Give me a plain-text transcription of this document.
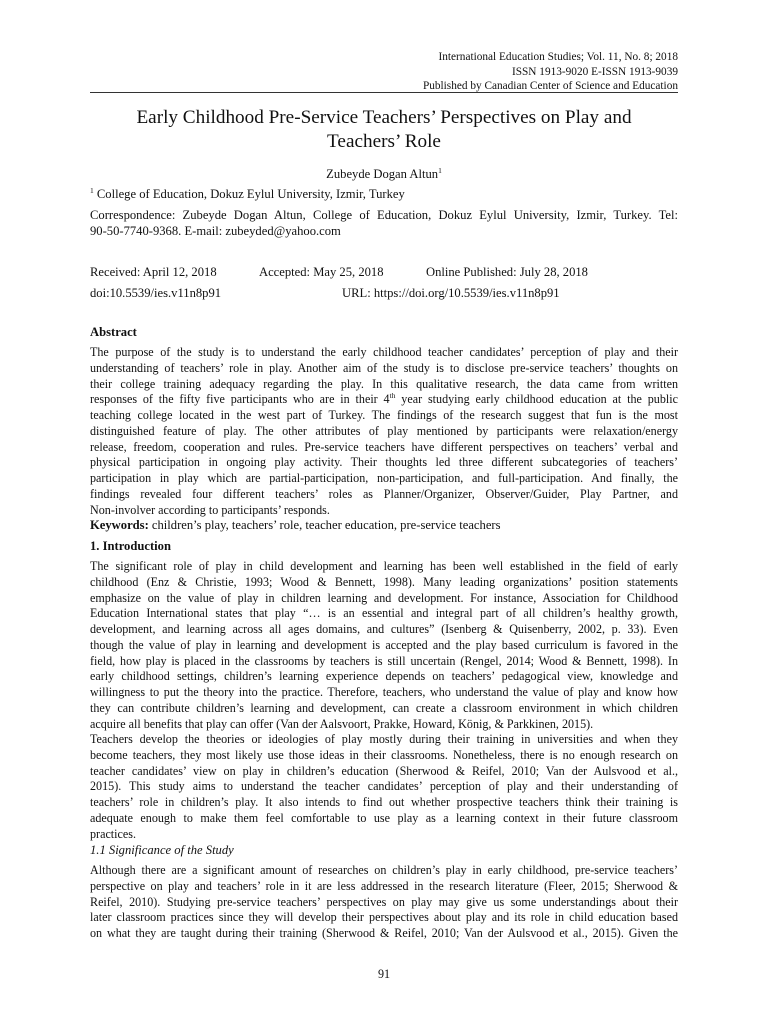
International Education Studies; Vol. 11, No. 8; 2018
ISSN 1913-9020 E-ISSN 1913-9039
Published by Canadian Center of Science and Education
Early Childhood Pre-Service Teachers’ Perspectives on Play and
Teachers’ Role
Zubeyde Dogan Altun$^1$
$^1$ College of Education, Dokuz Eylul University, Izmir, Turkey
Correspondence: Zubeyde Dogan Altun, College of Education, Dokuz Eylul University, Izmir, Turkey. Tel:
90-50-7740-9368. E-mail: zubeyded@yahoo.com
Received: April 12, 2018	Accepted: May 25, 2018	Online Published: July 28, 2018
doi:10.5539/ies.v11n8p91	URL: https://doi.org/10.5539/ies.v11n8p91
Abstract
The purpose of the study is to understand the early childhood teacher candidates’ perception of play and their
understanding of teachers’ role in play. Another aim of the study is to disclose pre-service teachers’ thoughts on
their college training adequacy regarding the play. In this qualitative research, the data came from written
responses of the fifty five participants who are in their 4th year studying early childhood education at the public
teaching college located in the west part of Turkey. The findings of the research suggest that fun is the most
distinguished feature of play. The other attributes of play mentioned by participants were relaxation/energy
release, freedom, cooperation and rules. Pre-service teachers have different perspectives on teachers’ verbal and
physical participation in ongoing play activity. Their thoughts led three different subcategories of teachers’
participation in play which are partial-participation, non-participation, and full-participation. And finally, the
findings revealed four different teachers’ roles as Planner/Organizer, Observer/Guider, Play Partner, and
Non-involver according to participants’ responds.
Keywords: children’s play, teachers’ role, teacher education, pre-service teachers
1. Introduction
The significant role of play in child development and learning has been well established in the field of early
childhood (Enz & Christie, 1993; Wood & Bennett, 1998). Many leading organizations’ position statements
emphasize on the value of play in children learning and development. For instance, Association for Childhood
Education International states that play “… is an essential and integral part of all children’s healthy growth,
development, and learning across all ages domains, and cultures” (Isenberg & Quisenberry, 2002, p. 33). Even
though the value of play in learning and development is accepted and the play based curriculum is favored in the
field, how play is placed in the classrooms by teachers is still uncertain (Rengel, 2014; Wood & Bennett, 1998). In
early childhood settings, children’s learning experience depends on teachers’ pedagogical view, knowledge and
willingness to put the theory into the practice. Therefore, teachers, who understand the value of play and know how
they can contribute children’s learning and development, can create a classroom environment in which children
acquire all benefits that play can offer (Van der Aalsvoort, Prakke, Howard, König, & Parkkinen, 2015).
Teachers develop the theories or ideologies of play mostly during their training in universities and when they
become teachers, they most likely use those ideas in their classrooms. Nonetheless, there is no enough research on
teacher candidates’ view on play in children’s education (Sherwood & Reifel, 2010; Van der Aulsvood et al.,
2015). This study aims to understand the teacher candidates’ perception of play and their understanding of
teachers’ role in children’s play. It also intends to find out whether prospective teachers think their training is
adequate enough to make them feel comfortable to use play as a learning context in their future classroom
practices.
1.1 Significance of the Study
Although there are a significant amount of researches on children’s play in early childhood, pre-service teachers’
perspective on play and teachers’ role in it are less addressed in the research literature (Fleer, 2015; Sherwood &
Reifel, 2010). Studying pre-service teachers’ perspectives on play may give us some understandings about their
later classroom practices since they will develop their perspectives about play and its role in child education based
on what they are taught during their training (Sherwood & Reifel, 2010; Van der Aulsvood et al., 2015). Given the
91
